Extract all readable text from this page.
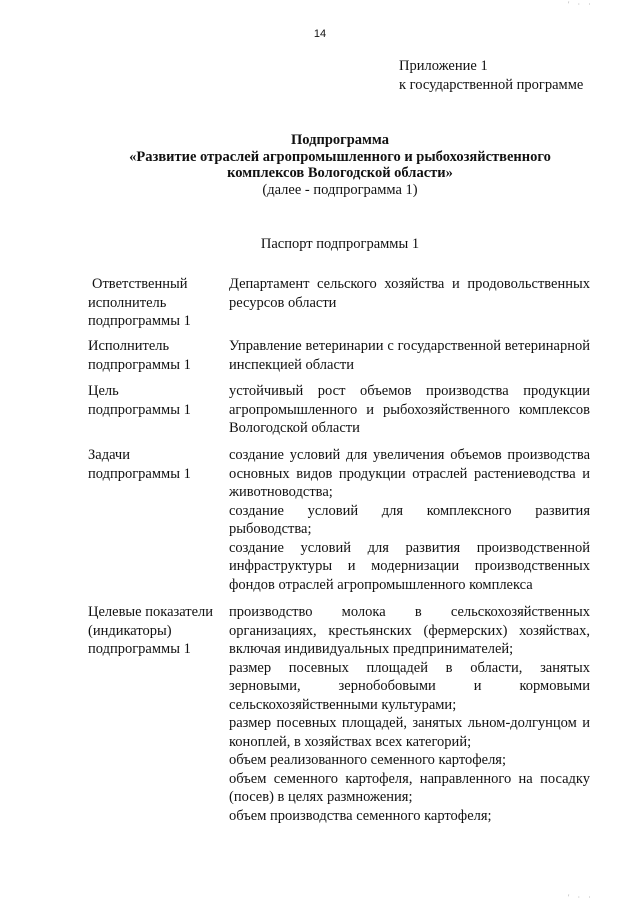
' · ·
14
Приложение 1
к государственной программе
Подпрограмма
«Развитие отраслей агропромышленного и рыбохозяйственного
комплексов Вологодской области»
(далее - подпрограмма 1)
Паспорт подпрограммы 1
Ответственный
исполнитель
подпрограммы 1
Департамент сельского хозяйства и продовольственных ресурсов области
Исполнитель
подпрограммы 1
Управление ветеринарии с государственной ветеринарной инспекцией области
Цель
подпрограммы 1
устойчивый рост объемов производства продукции агропромышленного и рыбохозяйственного комплексов Вологодской области
Задачи
подпрограммы 1
создание условий для увеличения объемов производства основных видов продукции отраслей растениеводства и животноводства;
создание условий для комплексного развития рыбоводства;
создание условий для развития производственной инфраструктуры и модернизации производственных фондов отраслей агропромышленного комплекса
Целевые показатели
(индикаторы)
подпрограммы 1
производство молока в сельскохозяйственных организациях, крестьянских (фермерских) хозяйствах, включая индивидуальных предпринимателей;
размер посевных площадей в области, занятых зерновыми, зернобобовыми и кормовыми сельскохозяйственными культурами;
размер посевных площадей, занятых льном-долгунцом и коноплей, в хозяйствах всех категорий;
объем реализованного семенного картофеля;
объем семенного картофеля, направленного на посадку (посев) в целях размножения;
объем производства семенного картофеля;
' · ·
